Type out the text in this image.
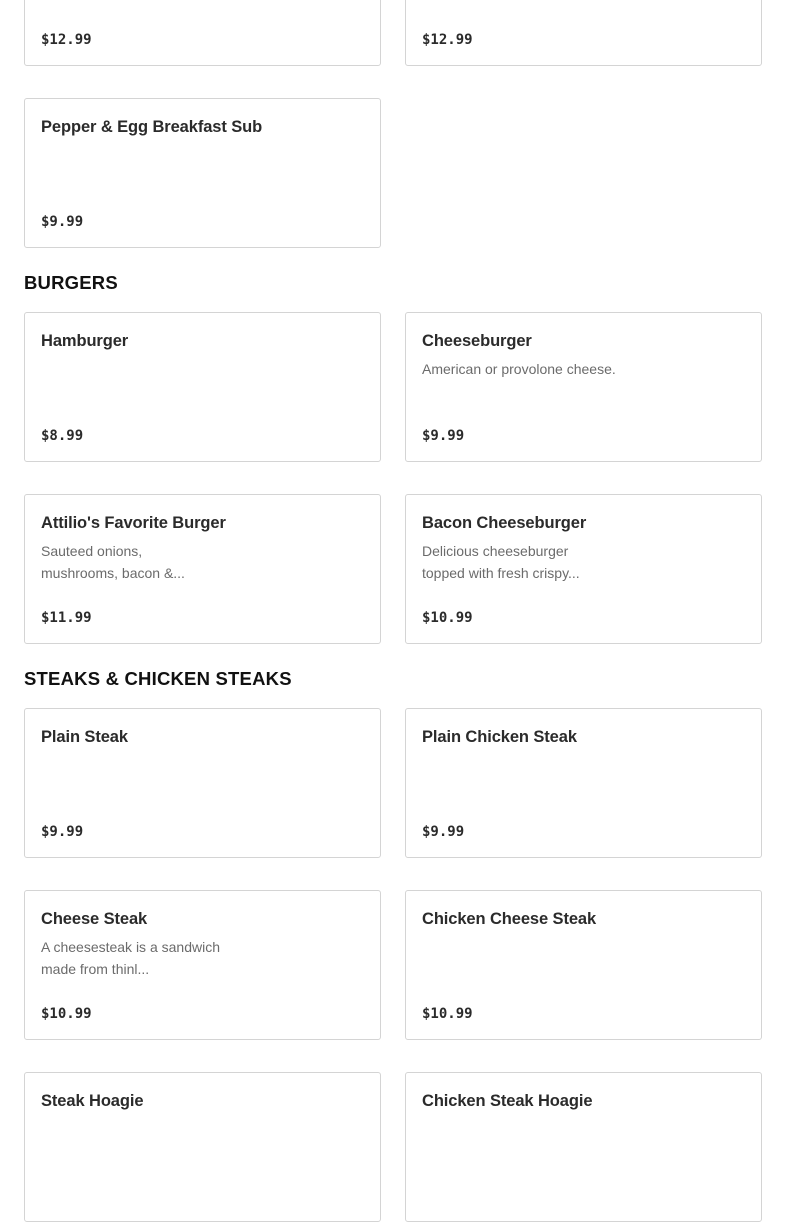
$12.99	$12.99
Pepper & Egg Breakfast Sub
$9.99
BURGERS
Hamburger
$8.99
Cheeseburger
American or provolone cheese.
$9.99
Attilio's Favorite Burger
Sauteed onions, mushrooms, bacon &...
$11.99
Bacon Cheeseburger
Delicious cheeseburger topped with fresh crispy...
$10.99
STEAKS & CHICKEN STEAKS
Plain Steak
$9.99
Plain Chicken Steak
$9.99
Cheese Steak
A cheesesteak is a sandwich made from thinl...
$10.99
Chicken Cheese Steak
$10.99
Steak Hoagie	Chicken Steak Hoagie
